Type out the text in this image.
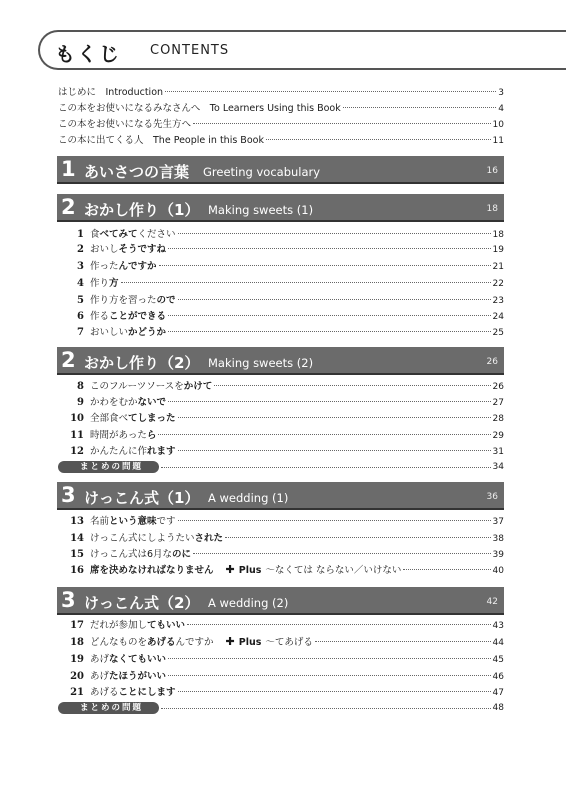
もくじ CONTENTS
はじめに　Introduction	3
この本をお使いになるみなさんへ　To Learners Using this Book	4
この本をお使いになる先生方へ	10
この本に出てくる人　The People in this Book	11
1 あいさつの言葉 Greeting vocabulary	16
2 おかし作り（1） Making sweets (1)	18
1 食べてみてください	18
2 おいしそうですね	19
3 作ったんですか	21
4 作り方	22
5 作り方を習ったので	23
6 作ることができる	24
7 おいしいかどうか	25
2 おかし作り（2） Making sweets (2)	26
8 このフルーツソースをかけて	26
9 かわをむかないで	27
10 全部食べてしまった	28
11 時間があったら	29
12 かんたんに作れます	31
まとめの問題	34
3 けっこん式（1） A wedding (1)	36
13 名前という意味です	37
14 けっこん式にしようたいされた	38
15 けっこん式は6月なのに	39
16 席を決めなければなりません ✚ Plus ～なくては ならない／いけない	40
3 けっこん式（2） A wedding (2)	42
17 だれが参加してもいい	43
18 どんなものをあげるんですか ✚ Plus ～てあげる	44
19 あげなくてもいい	45
20 あげたほうがいい	46
21 あげることにします	47
まとめの問題	48
